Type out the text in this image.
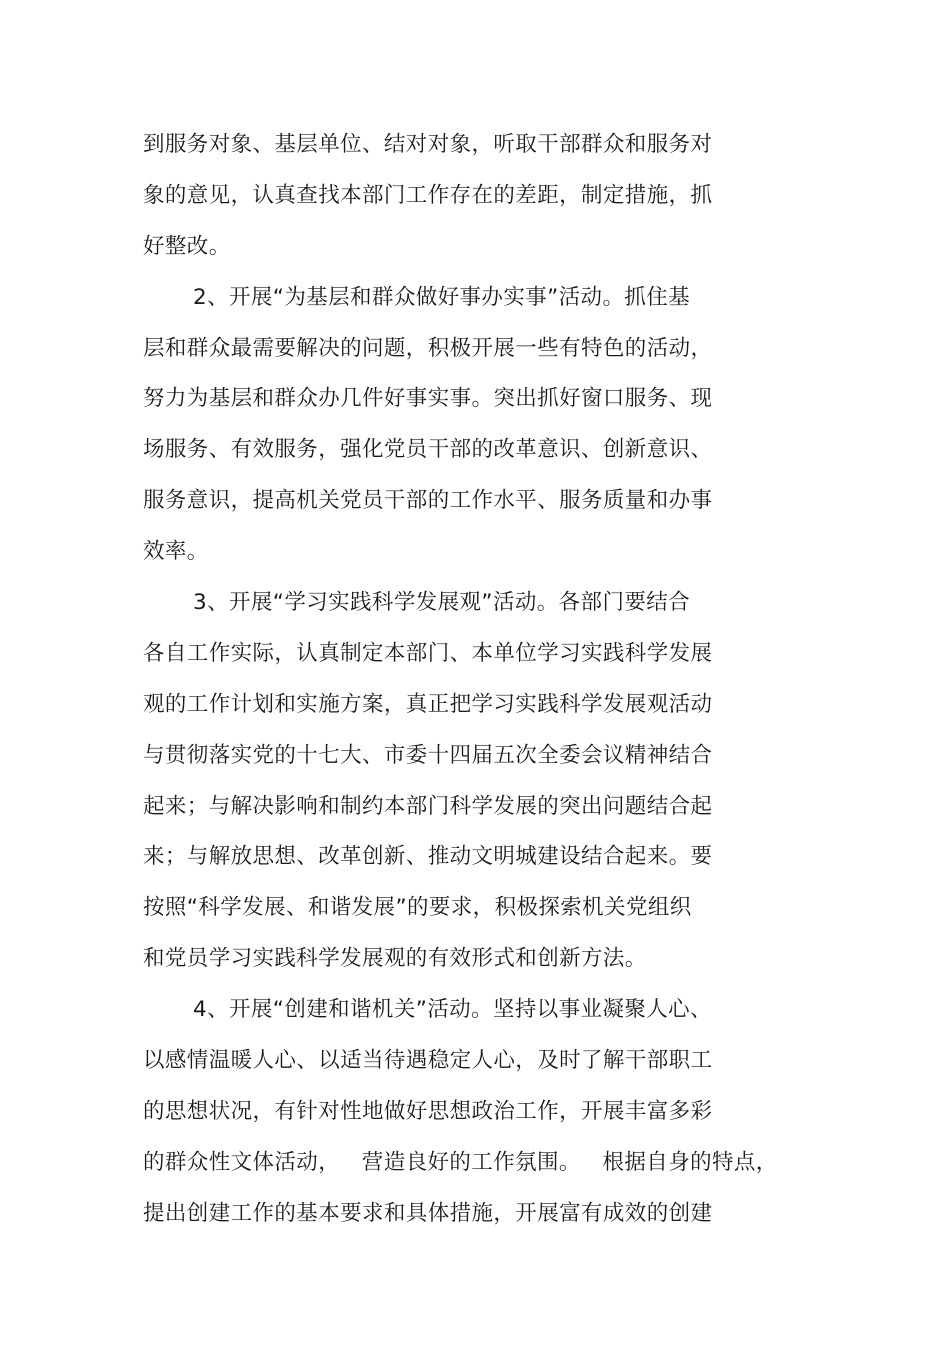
到服务对象、基层单位、结对对象，听取干部群众和服务对
象的意见，认真查找本部门工作存在的差距，制定措施，抓
好整改。
2、开展“为基层和群众做好事办实事”活动。抓住基
层和群众最需要解决的问题，积极开展一些有特色的活动，
努力为基层和群众办几件好事实事。突出抓好窗口服务、现
场服务、有效服务，强化党员干部的改革意识、创新意识、
服务意识，提高机关党员干部的工作水平、服务质量和办事
效率。
3、开展“学习实践科学发展观”活动。各部门要结合
各自工作实际，认真制定本部门、本单位学习实践科学发展
观的工作计划和实施方案，真正把学习实践科学发展观活动
与贯彻落实党的十七大、市委十四届五次全委会议精神结合
起来；与解决影响和制约本部门科学发展的突出问题结合起
来；与解放思想、改革创新、推动文明城建设结合起来。要
按照“科学发展、和谐发展”的要求，积极探索机关党组织
和党员学习实践科学发展观的有效形式和创新方法。
4、开展“创建和谐机关”活动。坚持以事业凝聚人心、
以感情温暖人心、以适当待遇稳定人心，及时了解干部职工
的思想状况，有针对性地做好思想政治工作，开展丰富多彩
的群众性文体活动，   营造良好的工作氛围。   根据自身的特点，
提出创建工作的基本要求和具体措施，开展富有成效的创建
